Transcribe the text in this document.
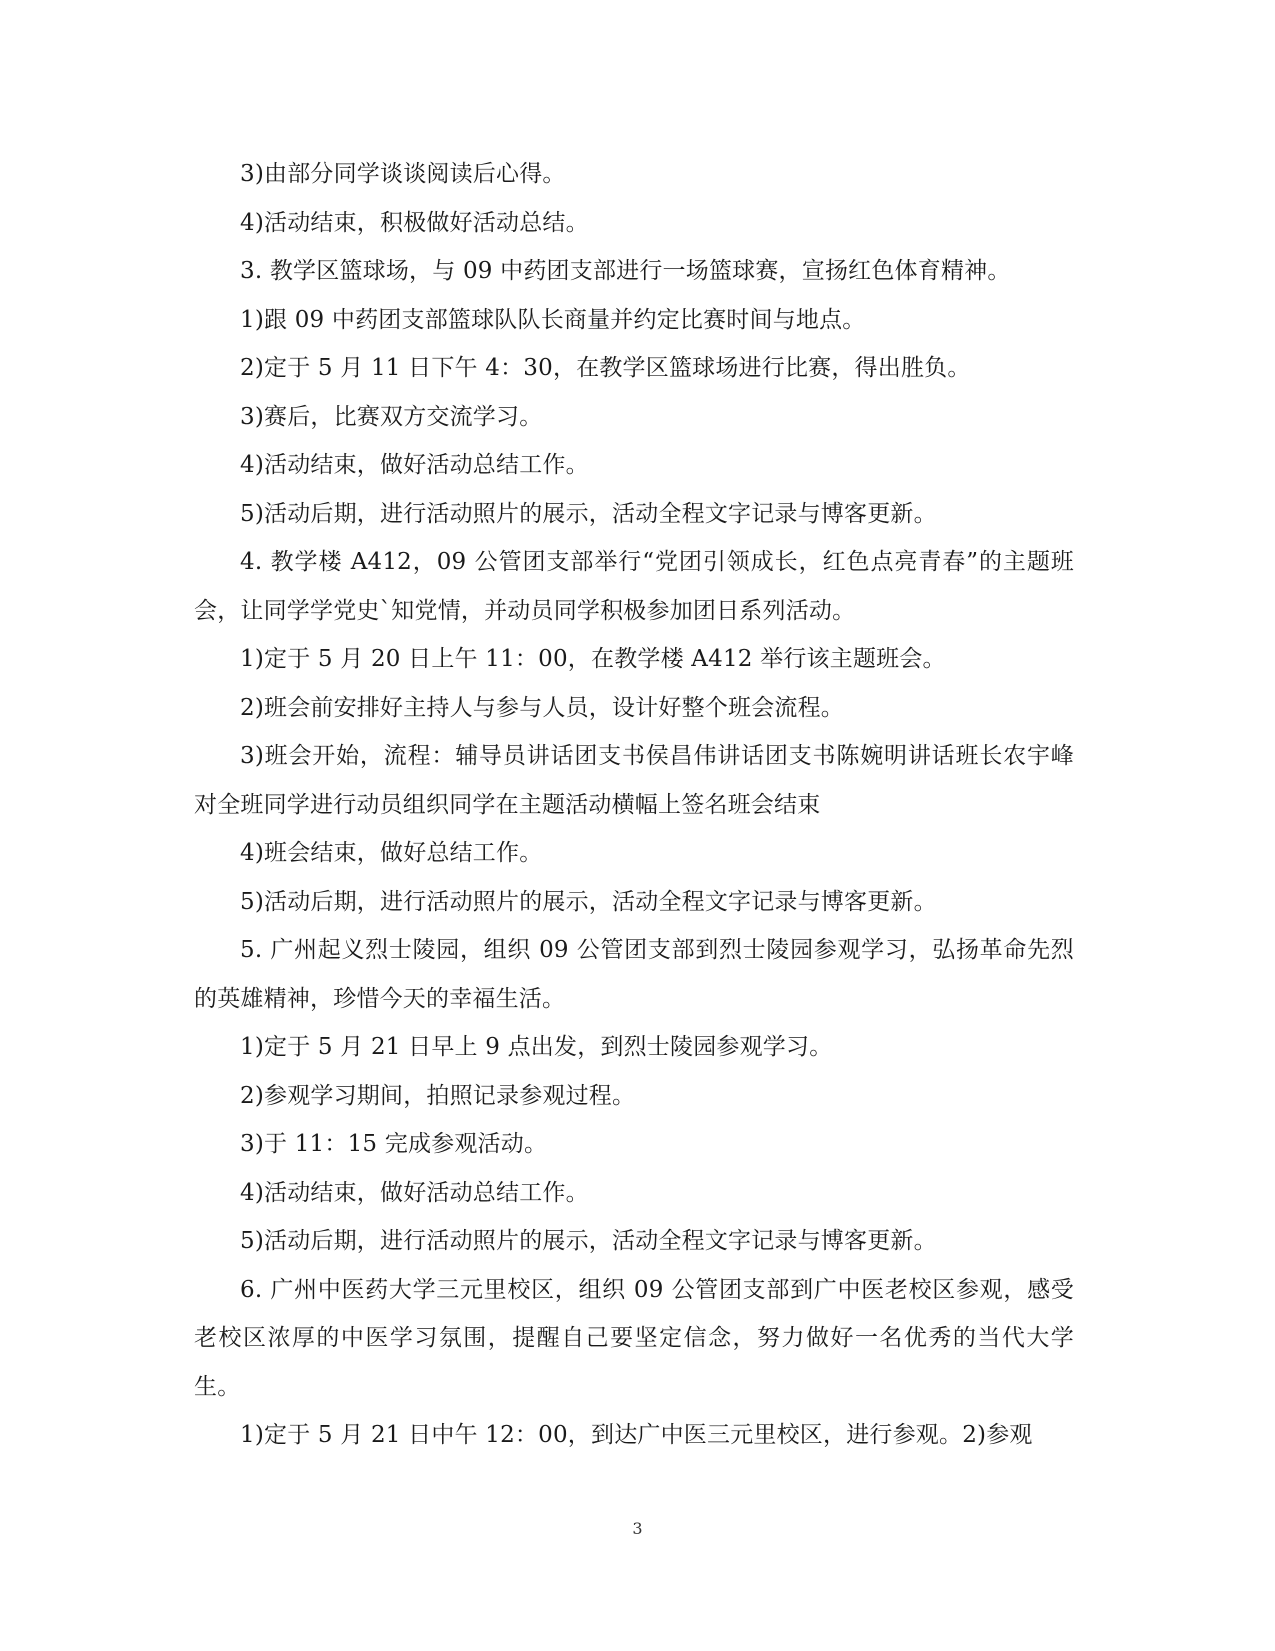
3)由部分同学谈谈阅读后心得。

4)活动结束，积极做好活动总结。

3. 教学区篮球场，与 09 中药团支部进行一场篮球赛，宣扬红色体育精神。

1)跟 09 中药团支部篮球队队长商量并约定比赛时间与地点。

2)定于 5 月 11 日下午 4：30，在教学区篮球场进行比赛，得出胜负。

3)赛后，比赛双方交流学习。

4)活动结束，做好活动总结工作。

5)活动后期，进行活动照片的展示，活动全程文字记录与博客更新。

4. 教学楼 A412，09 公管团支部举行“党团引领成长，红色点亮青春”的主题班会，让同学学党史`知党情，并动员同学积极参加团日系列活动。

1)定于 5 月 20 日上午 11：00，在教学楼 A412 举行该主题班会。

2)班会前安排好主持人与参与人员，设计好整个班会流程。

3)班会开始，流程：辅导员讲话团支书侯昌伟讲话团支书陈婉明讲话班长农宇峰对全班同学进行动员组织同学在主题活动横幅上签名班会结束

4)班会结束，做好总结工作。

5)活动后期，进行活动照片的展示，活动全程文字记录与博客更新。

5. 广州起义烈士陵园，组织 09 公管团支部到烈士陵园参观学习，弘扬革命先烈的英雄精神，珍惜今天的幸福生活。

1)定于 5 月 21 日早上 9 点出发，到烈士陵园参观学习。

2)参观学习期间，拍照记录参观过程。

3)于 11：15 完成参观活动。

4)活动结束，做好活动总结工作。

5)活动后期，进行活动照片的展示，活动全程文字记录与博客更新。

6. 广州中医药大学三元里校区，组织 09 公管团支部到广中医老校区参观，感受老校区浓厚的中医学习氛围，提醒自己要坚定信念，努力做好一名优秀的当代大学生。

1)定于 5 月 21 日中午 12：00，到达广中医三元里校区，进行参观。2)参观

3
